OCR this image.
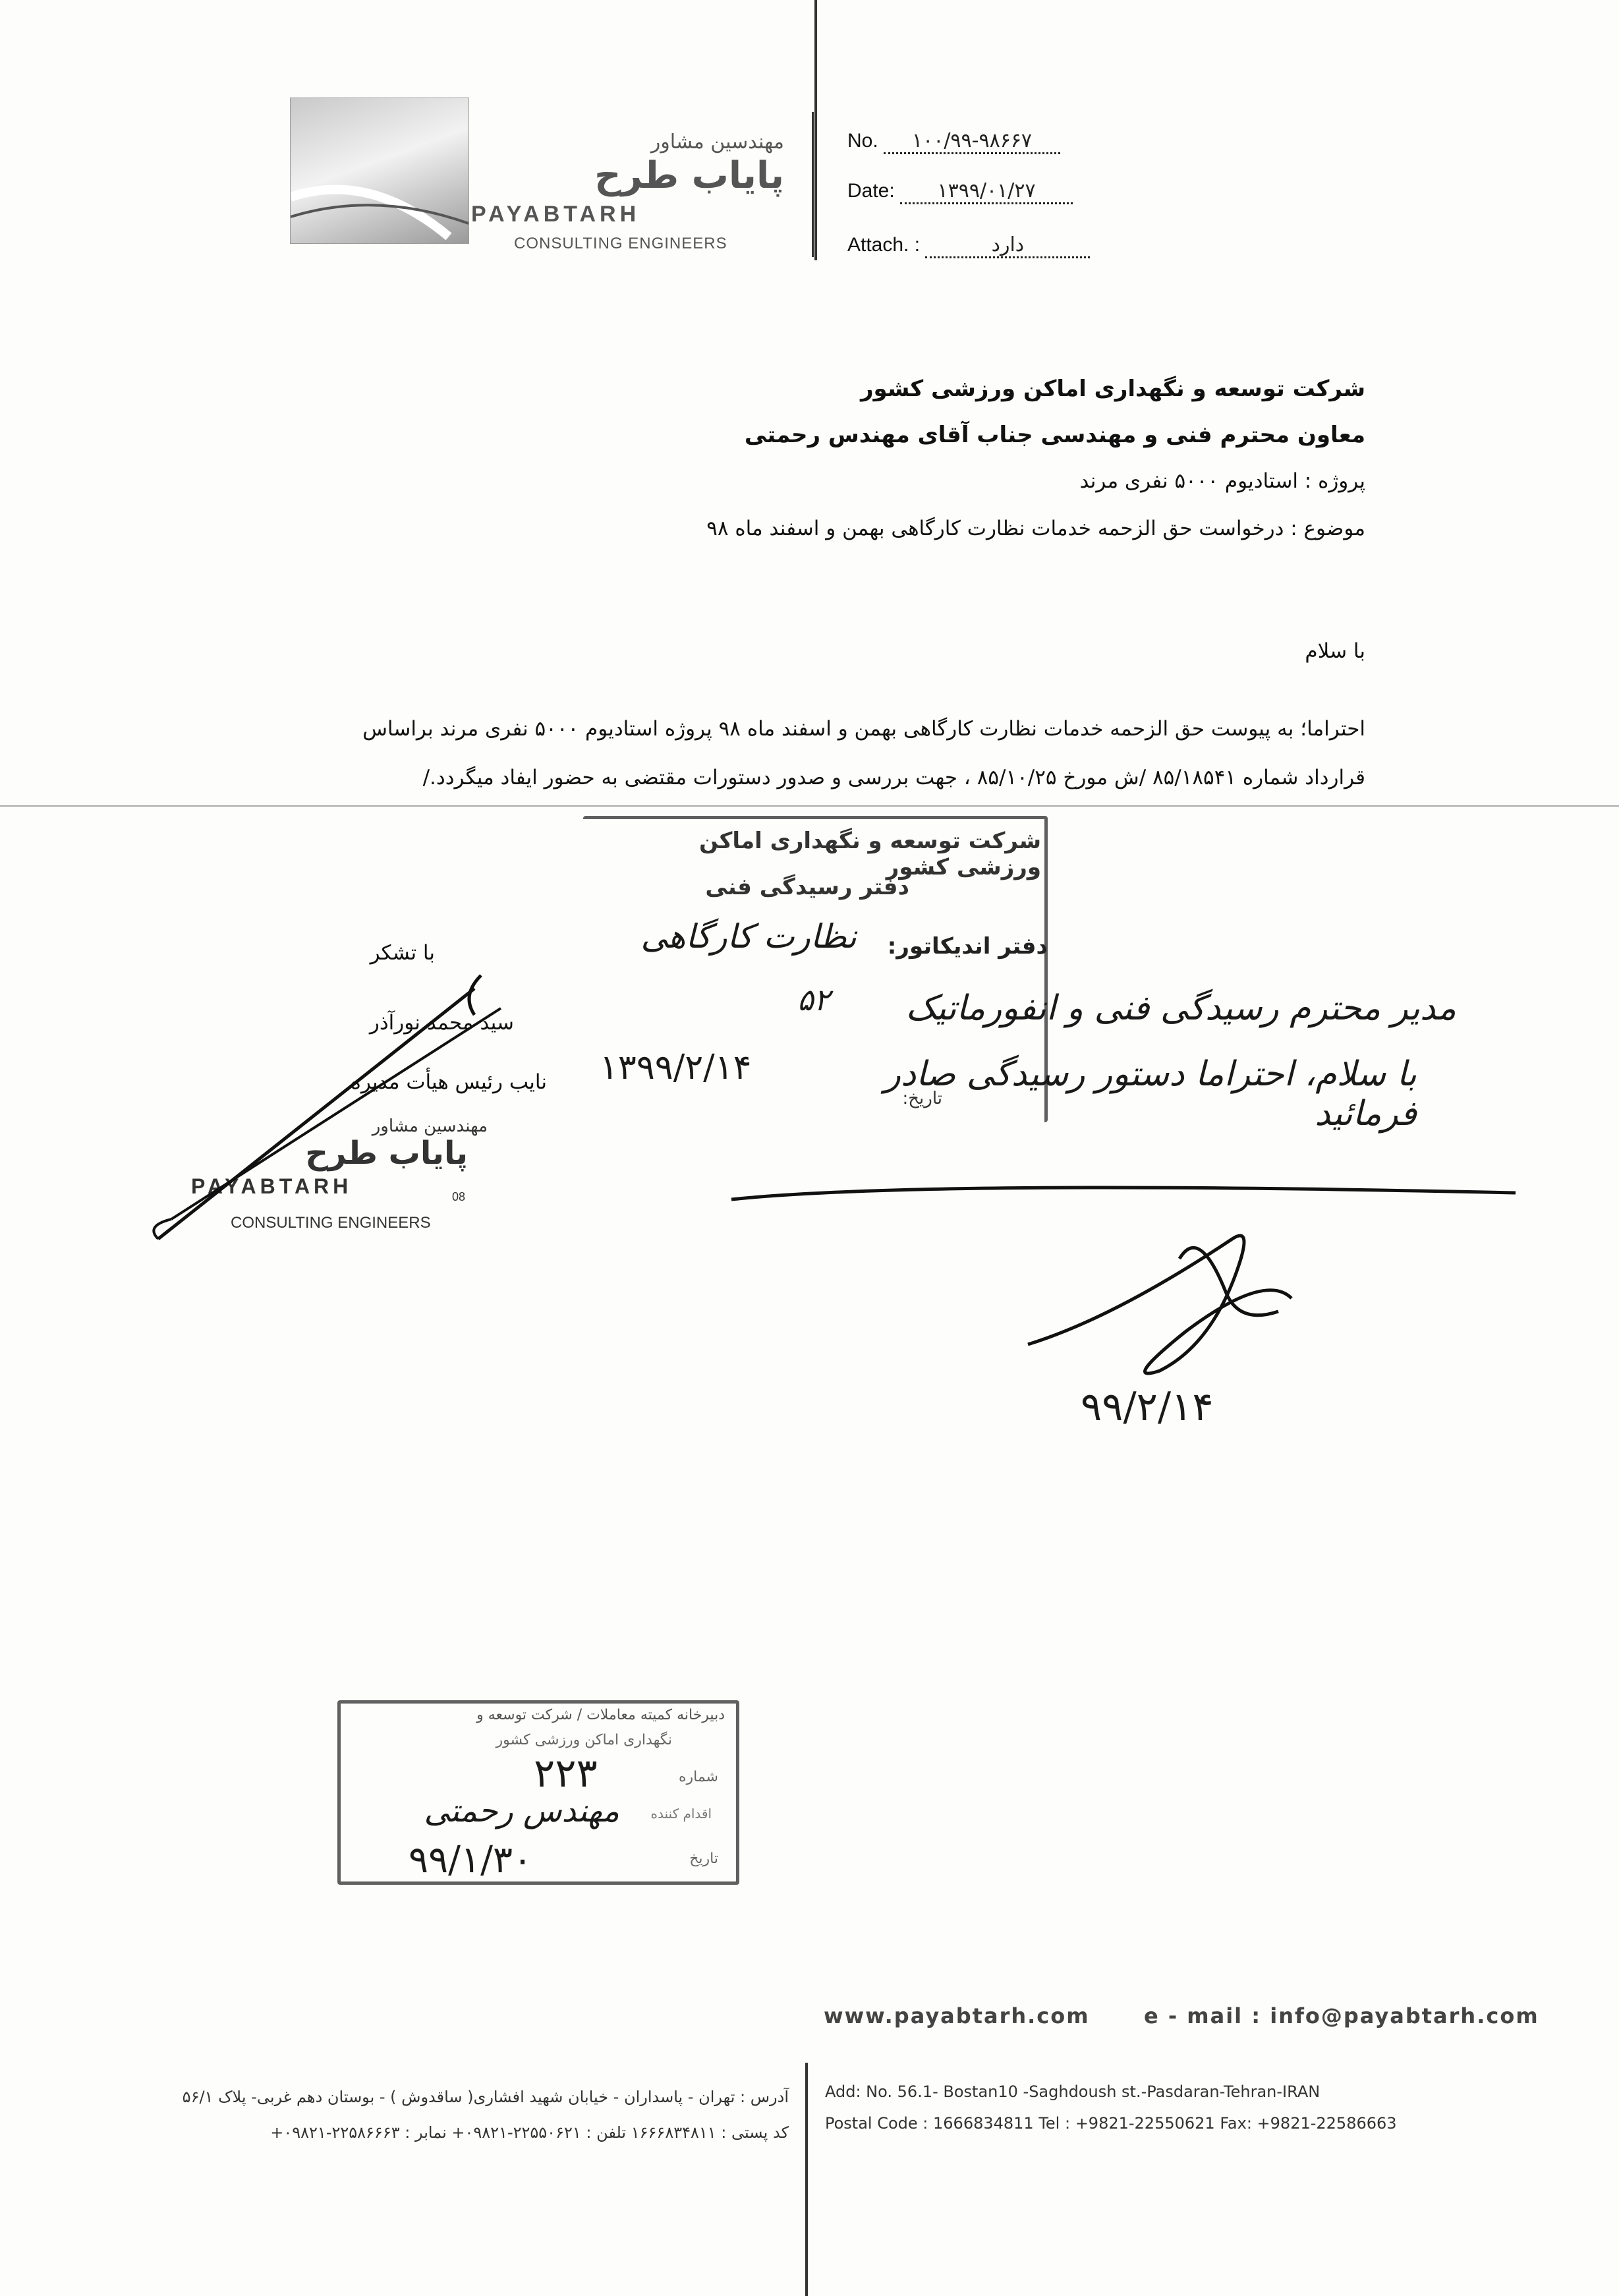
مهندسین مشاور
پایاب طرح
PAYABTARH
CONSULTING ENGINEERS
No. ۱۰۰/۹۹-۹۸۶۶۷
Date: ۱۳۹۹/۰۱/۲۷
Attach. :	دارد
شرکت توسعه و نگهداری اماکن ورزشی کشور
معاون محترم فنی و مهندسی جناب آقای مهندس رحمتی
پروژه : استادیوم ۵۰۰۰ نفری مرند
موضوع : درخواست حق الزحمه خدمات نظارت کارگاهی بهمن و اسفند ماه ۹۸
با سلام
احتراما؛ به پیوست حق الزحمه خدمات نظارت کارگاهی بهمن و اسفند ماه ۹۸ پروژه استادیوم ۵۰۰۰ نفری مرند براساس
قرارداد شماره ۸۵/۱۸۵۴۱ /ش مورخ ۸۵/۱۰/۲۵ ، جهت بررسی و صدور دستورات مقتضی به حضور ایفاد میگردد./
با تشکر
سید محمد نورآذر
نایب رئیس هیأت مدیره
مهندسین مشاور
پایاب طرح
PAYABTARH	08
CONSULTING ENGINEERS
شرکت توسعه و نگهداری اماکن ورزشی کشور
دفتر رسیدگی فنی
دفتر اندیکاتور:
نظارت کارگاهی
۵۲
تاریخ:
۱۳۹۹/۲/۱۴
مدیر محترم رسیدگی فنی و انفورماتیک
با سلام، احتراما دستور رسیدگی صادر فرمائید
۹۹/۲/۱۴
دبیرخانه کمیته معاملات / شرکت توسعه و
نگهداری اماکن ورزشی کشور
شماره
۲۲۳
اقدام کننده
مهندس رحمتی
تاریخ
۹۹/۱/۳۰
www.payabtarh.com	e - mail : info@payabtarh.com
آدرس : تهران - پاسداران - خیابان شهید افشاری( ساقدوش ) - بوستان دهم غربی- پلاک ۵۶/۱
کد پستی : ۱۶۶۶۸۳۴۸۱۱ تلفن : ۲۲۵۵۰۶۲۱-۰۹۸۲۱+ نمابر : ۲۲۵۸۶۶۶۳-۰۹۸۲۱+
Add: No. 56.1- Bostan10 -Saghdoush st.-Pasdaran-Tehran-IRAN
Postal Code : 1666834811 Tel : +9821-22550621 Fax: +9821-22586663
